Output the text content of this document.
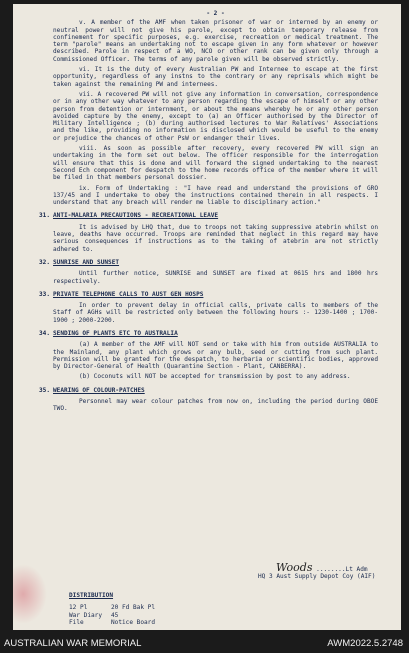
- 2 -

v. A member of the AMF when taken prisoner of war or interned by an enemy or neutral power will not give his parole, except to obtain temporary release from confinement for specific purposes, e.g. exercise, recreation or medical treatment. The term "parole" means an undertaking not to escape given in any form whatever or however described. Parole in respect of a WO, NCO or other rank can be given only through a Commissioned Officer. The terms of any parole given will be observed strictly.

vi. It is the duty of every Australian PW and Internee to escape at the first opportunity, regardless of any instns to the contrary or any reprisals which might be taken against the remaining PW and internees.

vii. A recovered PW will not give any information in conversation, correspondence or in any other way whatever to any person regarding the escape of himself or any other person from detention or internment, or about the means whereby he or any other person avoided capture by the enemy, except to (a) an Officer authorised by the Director of Military Intelligence ; (b) during authorised lectures to War Relatives' Associations and the like, providing no information is disclosed which would be useful to the enemy or prejudice the chances of other PsW or endanger their lives.

viii. As soon as possible after recovery, every recovered PW will sign an undertaking in the form set out below. The officer responsible for the interrogation will ensure that this is done and will forward the signed undertaking to the nearest Second Ech component for despatch to the home records office of the member where it will be filed in that members personal dossier.

ix. Form of Undertaking : "I have read and understand the provisions of GRO 137/45 and I undertake to obey the instructions contained therein in all respects. I understand that any breach will render me liable to disciplinary action."

31. ANTI-MALARIA PRECAUTIONS - RECREATIONAL LEAVE

It is advised by LHQ that, due to troops not taking suppressive atebrin whilst on leave, deaths have occurred. Troops are reminded that neglect in this regard may have serious consequences if instructions as to the taking of atebrin are not strictly adhered to.

32. SUNRISE AND SUNSET

Until further notice, SUNRISE and SUNSET are fixed at 0615 hrs and 1800 hrs respectively.

33. PRIVATE TELEPHONE CALLS TO AUST GEN HOSPS

In order to prevent delay in official calls, private calls to members of the Staff of AGHs will be restricted only between the following hours :- 1230-1400 ; 1700-1900 ; 2000-2200.

34. SENDING OF PLANTS ETC TO AUSTRALIA

(a) A member of the AMF will NOT send or take with him from outside AUSTRALIA to the Mainland, any plant which grows or any bulb, seed or cutting from such plant. Permission will be granted for the despatch, to herbaria or scientific bodies, approved by Director-General of Health (Quarantine Section - Plant, CANBERRA).

(b) Coconuts will NOT be accepted for transmission by post to any address.

35. WEARING OF COLOUR-PATCHES

Personnel may wear colour patches from now on, including the period during OBOE TWO.

Woods ........Lt Adm
HQ 3 Aust Supply Depot Coy (AIF)
DISTRIBUTION
12 Pl	20 Fd Bak Pl
War Diary	45
File	Notice Board
AUSTRALIAN WAR MEMORIAL	AWM2022.5.2748
